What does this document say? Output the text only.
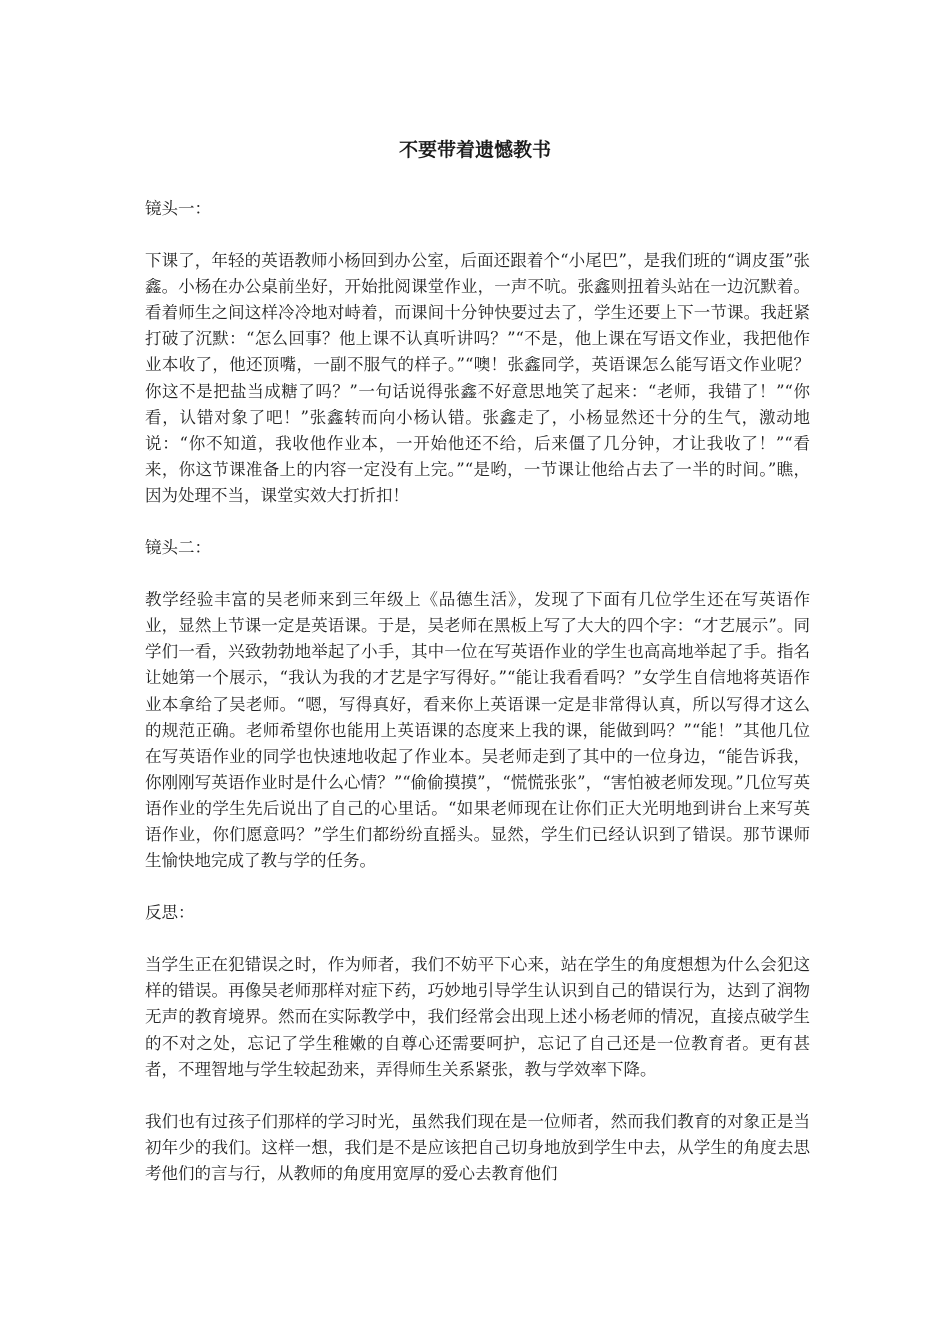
不要带着遗憾教书

镜头一：

下课了，年轻的英语教师小杨回到办公室，后面还跟着个“小尾巴”，是我们班的“调皮蛋”张鑫。小杨在办公桌前坐好，开始批阅课堂作业，一声不吭。张鑫则扭着头站在一边沉默着。看着师生之间这样冷冷地对峙着，而课间十分钟快要过去了，学生还要上下一节课。我赶紧打破了沉默：“怎么回事？他上课不认真听讲吗？”“不是，他上课在写语文作业，我把他作业本收了，他还顶嘴，一副不服气的样子。”“噢！张鑫同学，英语课怎么能写语文作业呢？你这不是把盐当成糖了吗？”一句话说得张鑫不好意思地笑了起来：“老师，我错了！”“你看，认错对象了吧！”张鑫转而向小杨认错。张鑫走了，小杨显然还十分的生气，激动地说：“你不知道，我收他作业本，一开始他还不给，后来僵了几分钟，才让我收了！”“看来，你这节课准备上的内容一定没有上完。”“是哟，一节课让他给占去了一半的时间。”瞧，因为处理不当，课堂实效大打折扣！

镜头二：

教学经验丰富的吴老师来到三年级上《品德生活》，发现了下面有几位学生还在写英语作业，显然上节课一定是英语课。于是，吴老师在黑板上写了大大的四个字：“才艺展示”。同学们一看，兴致勃勃地举起了小手，其中一位在写英语作业的学生也高高地举起了手。指名让她第一个展示，“我认为我的才艺是字写得好。”“能让我看看吗？”女学生自信地将英语作业本拿给了吴老师。“嗯，写得真好，看来你上英语课一定是非常得认真，所以写得才这么的规范正确。老师希望你也能用上英语课的态度来上我的课，能做到吗？”“能！”其他几位在写英语作业的同学也快速地收起了作业本。吴老师走到了其中的一位身边，“能告诉我，你刚刚写英语作业时是什么心情？”“偷偷摸摸”，“慌慌张张”，“害怕被老师发现。”几位写英语作业的学生先后说出了自己的心里话。“如果老师现在让你们正大光明地到讲台上来写英语作业，你们愿意吗？”学生们都纷纷直摇头。显然，学生们已经认识到了错误。那节课师生愉快地完成了教与学的任务。

反思：

当学生正在犯错误之时，作为师者，我们不妨平下心来，站在学生的角度想想为什么会犯这样的错误。再像吴老师那样对症下药，巧妙地引导学生认识到自己的错误行为，达到了润物无声的教育境界。然而在实际教学中，我们经常会出现上述小杨老师的情况，直接点破学生的不对之处，忘记了学生稚嫩的自尊心还需要呵护，忘记了自己还是一位教育者。更有甚者，不理智地与学生较起劲来，弄得师生关系紧张，教与学效率下降。

我们也有过孩子们那样的学习时光，虽然我们现在是一位师者，然而我们教育的对象正是当初年少的我们。这样一想，我们是不是应该把自己切身地放到学生中去，从学生的角度去思考他们的言与行，从教师的角度用宽厚的爱心去教育他们
